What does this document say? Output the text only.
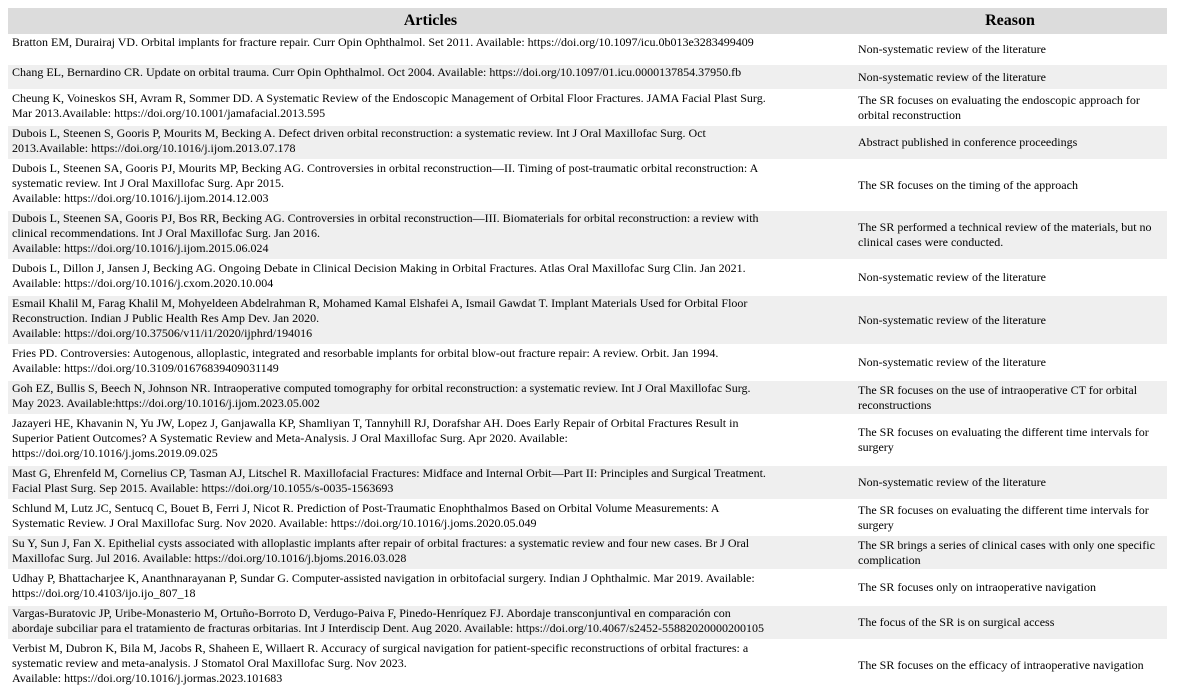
Articles	Reason
Bratton EM, Durairaj VD. Orbital implants for fracture repair. Curr Opin Ophthalmol. Set 2011. Available: https://doi.org/10.1097/icu.0b013e3283499409	Non-systematic review of the literature
Chang EL, Bernardino CR. Update on orbital trauma. Curr Opin Ophthalmol. Oct 2004. Available: https://doi.org/10.1097/01.icu.0000137854.37950.fb	Non-systematic review of the literature
Cheung K, Voineskos SH, Avram R, Sommer DD. A Systematic Review of the Endoscopic Management of Orbital Floor Fractures. JAMA Facial Plast Surg.
Mar 2013.Available: https://doi.org/10.1001/jamafacial.2013.595	The SR focuses on evaluating the endoscopic approach for orbital reconstruction
Dubois L, Steenen S, Gooris P, Mourits M, Becking A. Defect driven orbital reconstruction: a systematic review. Int J Oral Maxillofac Surg. Oct
2013.Available: https://doi.org/10.1016/j.ijom.2013.07.178	Abstract published in conference proceedings
Dubois L, Steenen SA, Gooris PJ, Mourits MP, Becking AG. Controversies in orbital reconstruction—II. Timing of post-traumatic orbital reconstruction: A
systematic review. Int J Oral Maxillofac Surg. Apr 2015.
Available: https://doi.org/10.1016/j.ijom.2014.12.003	The SR focuses on the timing of the approach
Dubois L, Steenen SA, Gooris PJ, Bos RR, Becking AG. Controversies in orbital reconstruction—III. Biomaterials for orbital reconstruction: a review with
clinical recommendations. Int J Oral Maxillofac Surg. Jan 2016.
Available: https://doi.org/10.1016/j.ijom.2015.06.024	The SR performed a technical review of the materials, but no clinical cases were conducted.
Dubois L, Dillon J, Jansen J, Becking AG. Ongoing Debate in Clinical Decision Making in Orbital Fractures. Atlas Oral Maxillofac Surg Clin. Jan 2021.
Available: https://doi.org/10.1016/j.cxom.2020.10.004	Non-systematic review of the literature
Esmail Khalil M, Farag Khalil M, Mohyeldeen Abdelrahman R, Mohamed Kamal Elshafei A, Ismail Gawdat T. Implant Materials Used for Orbital Floor
Reconstruction. Indian J Public Health Res Amp Dev. Jan 2020.
Available: https://doi.org/10.37506/v11/i1/2020/ijphrd/194016	Non-systematic review of the literature
Fries PD. Controversies: Autogenous, alloplastic, integrated and resorbable implants for orbital blow-out fracture repair: A review. Orbit. Jan 1994.
Available: https://doi.org/10.3109/01676839409031149	Non-systematic review of the literature
Goh EZ, Bullis S, Beech N, Johnson NR. Intraoperative computed tomography for orbital reconstruction: a systematic review. Int J Oral Maxillofac Surg.
May 2023. Available:https://doi.org/10.1016/j.ijom.2023.05.002	The SR focuses on the use of intraoperative CT for orbital reconstructions
Jazayeri HE, Khavanin N, Yu JW, Lopez J, Ganjawalla KP, Shamliyan T, Tannyhill RJ, Dorafshar AH. Does Early Repair of Orbital Fractures Result in
Superior Patient Outcomes? A Systematic Review and Meta-Analysis. J Oral Maxillofac Surg. Apr 2020. Available:
https://doi.org/10.1016/j.joms.2019.09.025	The SR focuses on evaluating the different time intervals for surgery
Mast G, Ehrenfeld M, Cornelius CP, Tasman AJ, Litschel R. Maxillofacial Fractures: Midface and Internal Orbit—Part II: Principles and Surgical Treatment.
Facial Plast Surg. Sep 2015. Available: https://doi.org/10.1055/s-0035-1563693	Non-systematic review of the literature
Schlund M, Lutz JC, Sentucq C, Bouet B, Ferri J, Nicot R. Prediction of Post-Traumatic Enophthalmos Based on Orbital Volume Measurements: A
Systematic Review. J Oral Maxillofac Surg. Nov 2020. Available: https://doi.org/10.1016/j.joms.2020.05.049	The SR focuses on evaluating the different time intervals for surgery
Su Y, Sun J, Fan X. Epithelial cysts associated with alloplastic implants after repair of orbital fractures: a systematic review and four new cases. Br J Oral
Maxillofac Surg. Jul 2016. Available: https://doi.org/10.1016/j.bjoms.2016.03.028	The SR brings a series of clinical cases with only one specific complication
Udhay P, Bhattacharjee K, Ananthnarayanan P, Sundar G. Computer-assisted navigation in orbitofacial surgery. Indian J Ophthalmic. Mar 2019. Available:
https://doi.org/10.4103/ijo.ijo_807_18	The SR focuses only on intraoperative navigation
Vargas-Buratovic JP, Uribe-Monasterio M, Ortuño-Borroto D, Verdugo-Paiva F, Pinedo-Henríquez FJ. Abordaje transconjuntival en comparación con
abordaje subciliar para el tratamiento de fracturas orbitarias. Int J Interdiscip Dent. Aug 2020. Available: https://doi.org/10.4067/s2452-55882020000200105	The focus of the SR is on surgical access
Verbist M, Dubron K, Bila M, Jacobs R, Shaheen E, Willaert R. Accuracy of surgical navigation for patient-specific reconstructions of orbital fractures: a
systematic review and meta-analysis. J Stomatol Oral Maxillofac Surg. Nov 2023.
Available: https://doi.org/10.1016/j.jormas.2023.101683	The SR focuses on the efficacy of intraoperative navigation
